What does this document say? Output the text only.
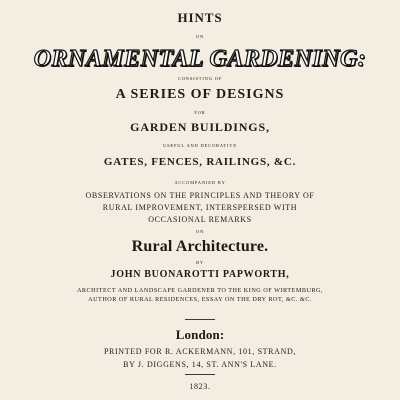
HINTS
ON
ORNAMENTAL GARDENING:
CONSISTING OF
A SERIES OF DESIGNS
FOR
GARDEN BUILDINGS,
USEFUL AND DECORATIVE
GATES, FENCES, RAILINGS, &C.
ACCOMPANIED BY
OBSERVATIONS ON THE PRINCIPLES AND THEORY OF
RURAL IMPROVEMENT, INTERSPERSED WITH
OCCASIONAL REMARKS
ON
Rural Architecture.
BY
JOHN BUONAROTTI PAPWORTH,
ARCHITECT AND LANDSCAPE GARDENER TO THE KING OF WIRTEMBURG,
AUTHOR OF RURAL RESIDENCES, ESSAY ON THE DRY ROT, &C. &C.
London:
PRINTED FOR R. ACKERMANN, 101, STRAND,
BY J. DIGGENS, 14, ST. ANN'S LANE.
1823.
